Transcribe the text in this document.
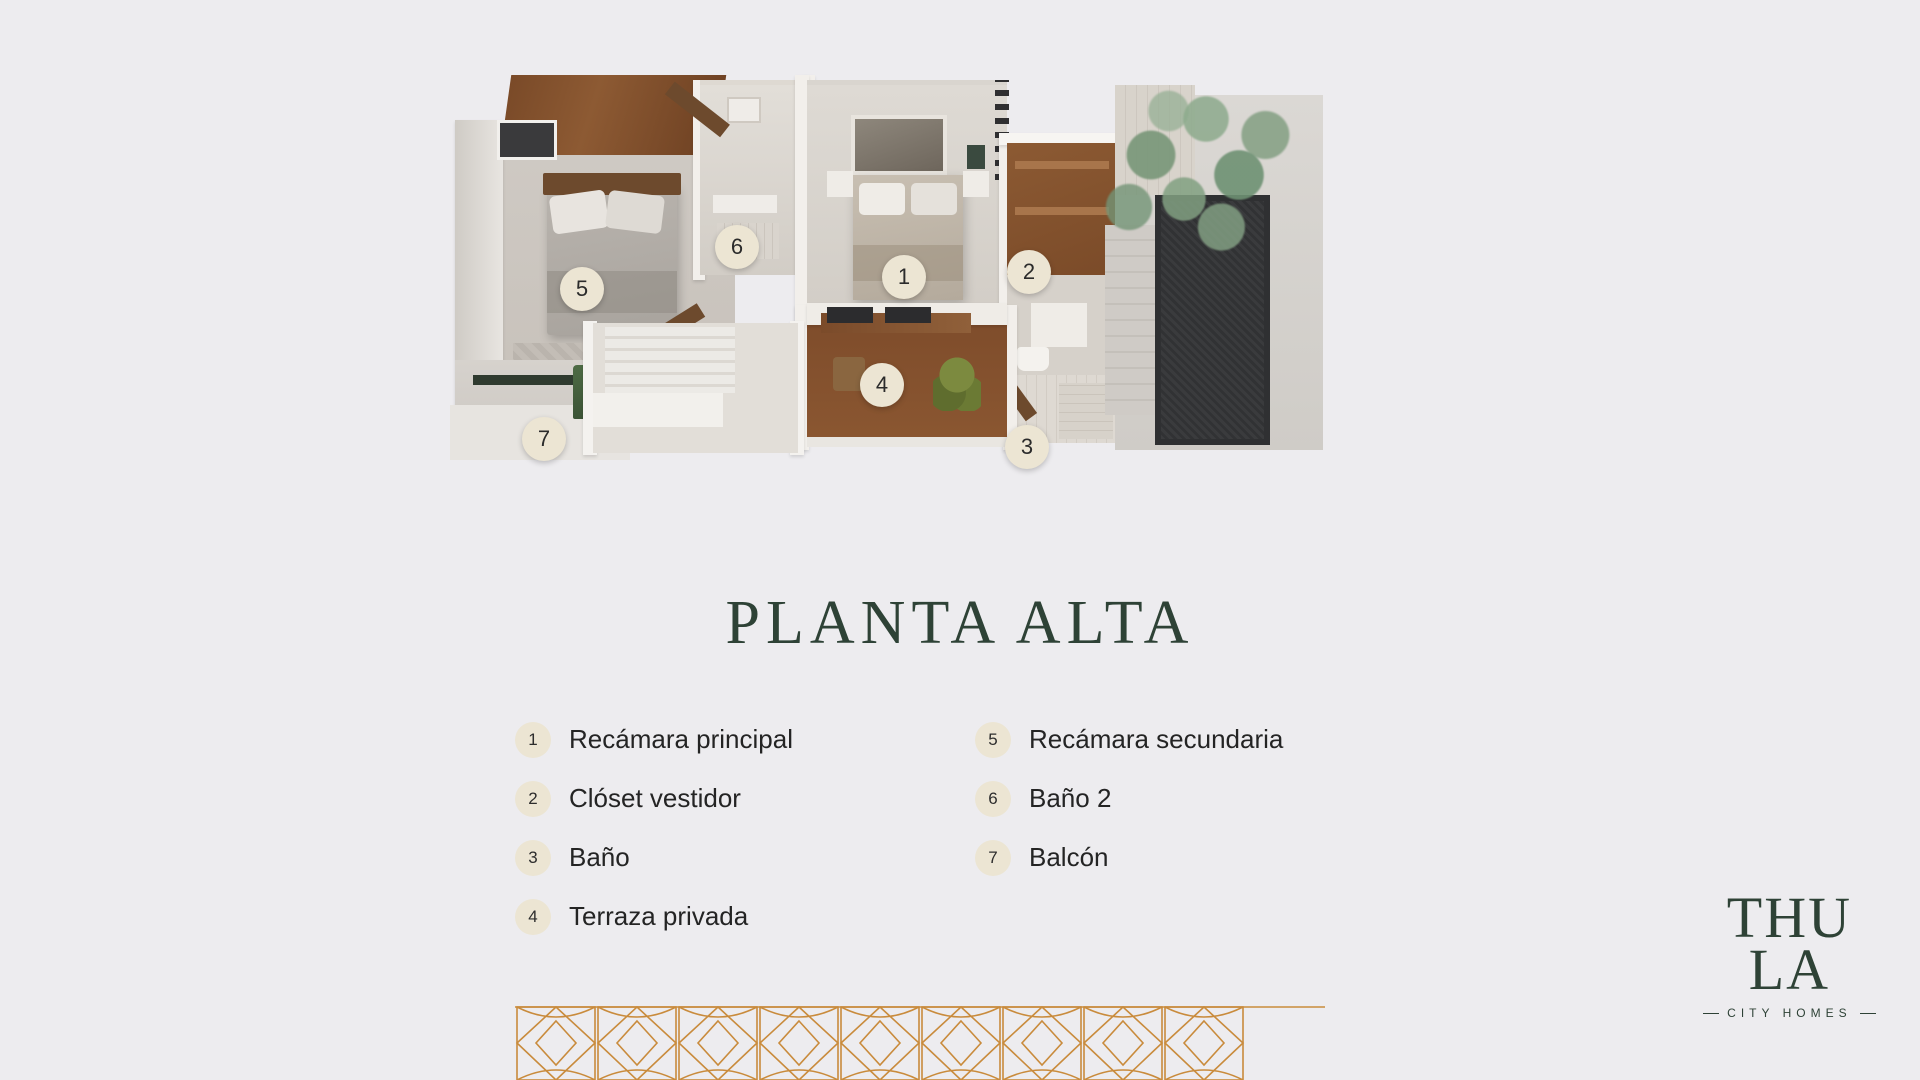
1	2
3
4
5
6
7
PLANTA ALTA
1	Recámara principal
2	Clóset vestidor
3	Baño
4	Terraza privada
5	Recámara secundaria
6	Baño 2
7	Balcón
THU
LA
CITY HOMES
